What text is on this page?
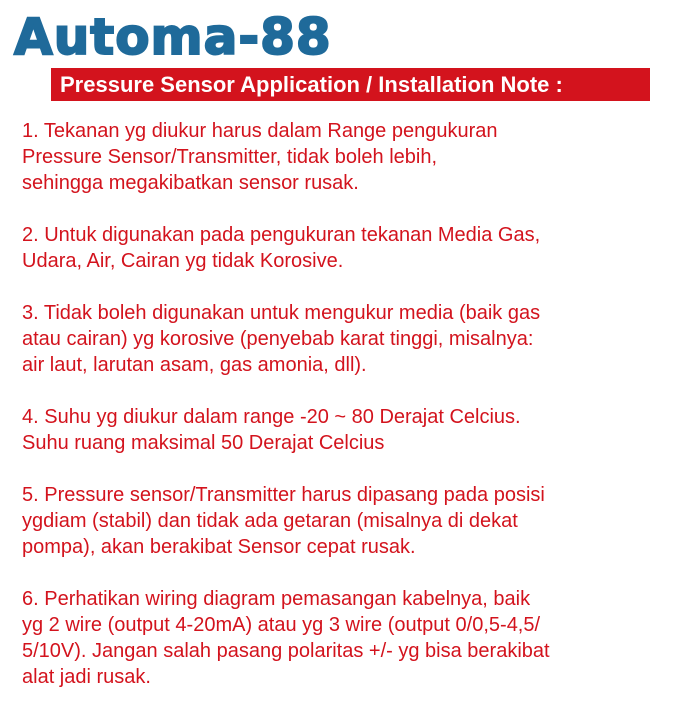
Automa-88
Pressure Sensor Application / Installation Note :
1. Tekanan yg diukur harus dalam Range pengukuran
Pressure Sensor/Transmitter, tidak boleh lebih,
sehingga megakibatkan sensor rusak.
2. Untuk digunakan pada pengukuran tekanan Media Gas,
Udara, Air, Cairan yg tidak Korosive.
3. Tidak boleh digunakan untuk mengukur media (baik gas
atau cairan) yg korosive (penyebab karat tinggi, misalnya:
air laut, larutan asam, gas amonia, dll).
4. Suhu yg diukur dalam range -20 ~ 80 Derajat Celcius.
Suhu ruang maksimal 50 Derajat Celcius
5. Pressure sensor/Transmitter harus dipasang pada posisi
ygdiam (stabil) dan tidak ada getaran (misalnya di dekat
pompa), akan berakibat Sensor cepat rusak.
6. Perhatikan wiring diagram pemasangan kabelnya, baik
yg 2 wire (output 4-20mA) atau yg 3 wire (output 0/0,5-4,5/
5/10V). Jangan salah pasang polaritas +/- yg bisa berakibat
alat jadi rusak.
